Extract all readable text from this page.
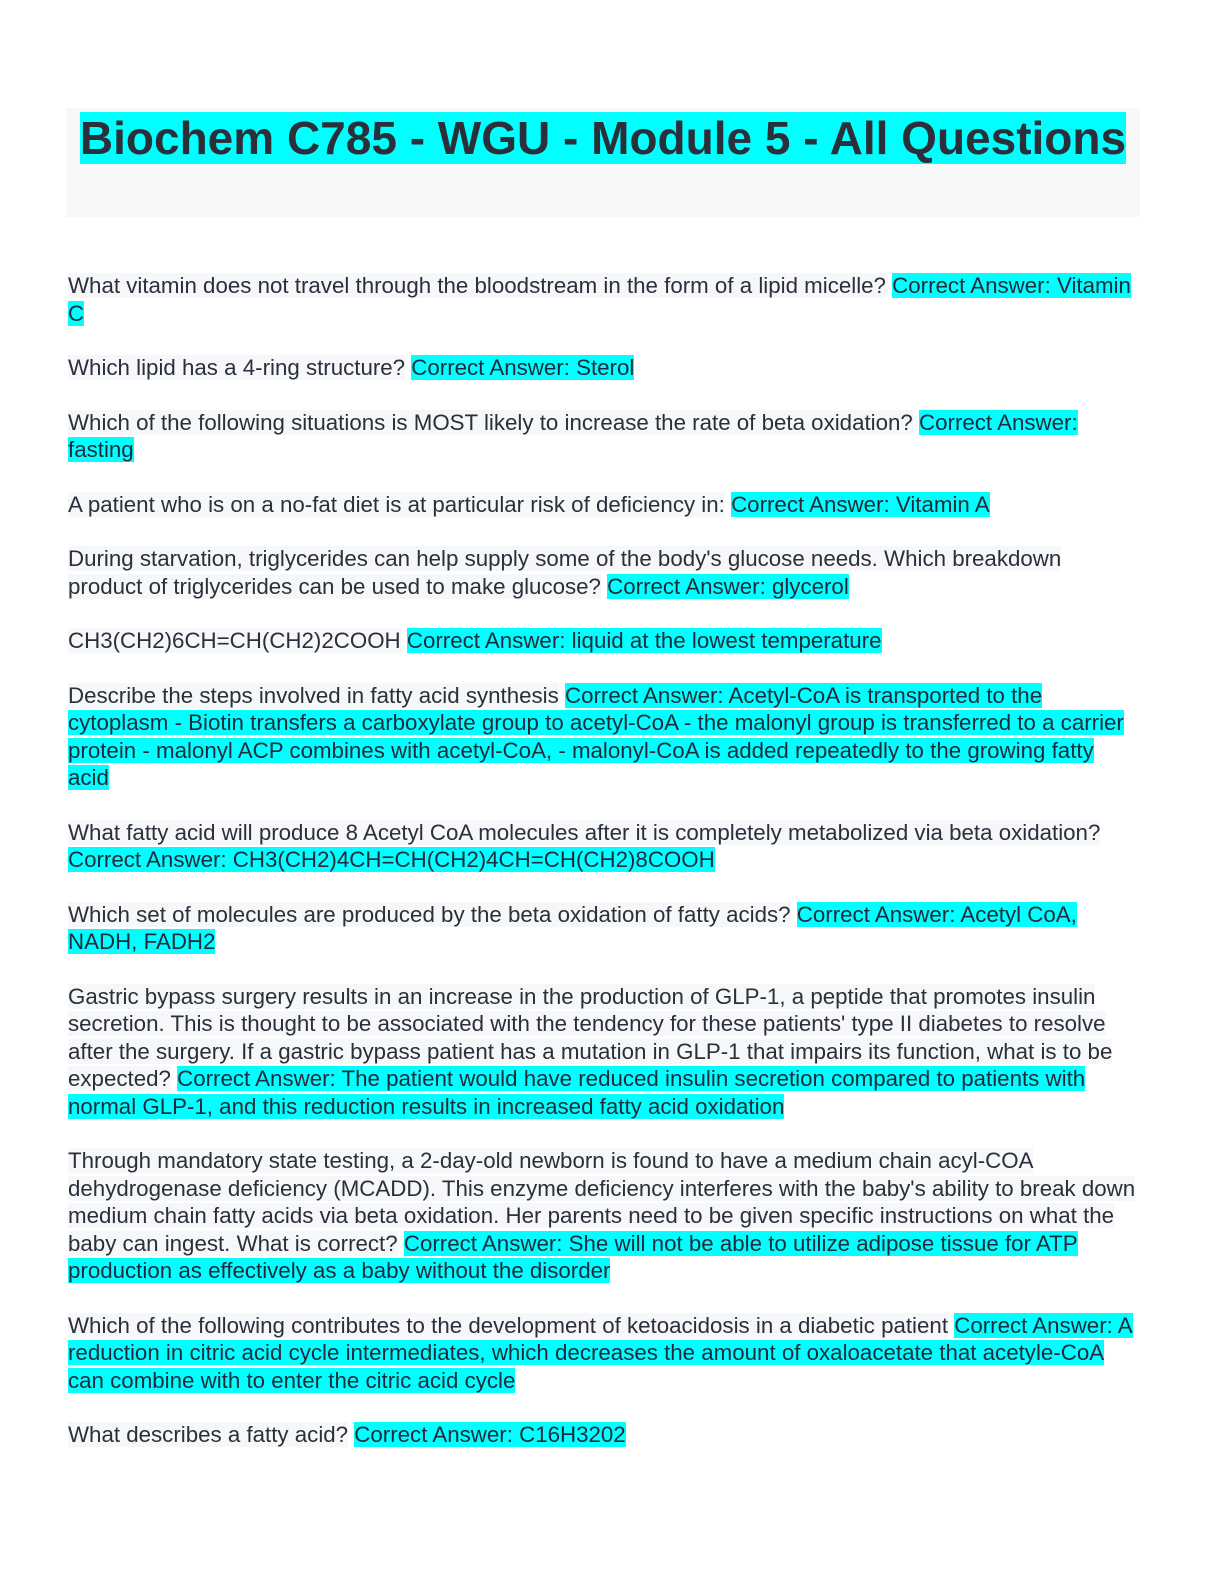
Biochem C785 - WGU - Module 5 - All Questions

What vitamin does not travel through the bloodstream in the form of a lipid micelle? Correct Answer: Vitamin C

Which lipid has a 4-ring structure? Correct Answer: Sterol

Which of the following situations is MOST likely to increase the rate of beta oxidation? Correct Answer: fasting

A patient who is on a no-fat diet is at particular risk of deficiency in: Correct Answer: Vitamin A

During starvation, triglycerides can help supply some of the body's glucose needs. Which breakdown product of triglycerides can be used to make glucose? Correct Answer: glycerol

CH3(CH2)6CH=CH(CH2)2COOH Correct Answer: liquid at the lowest temperature

Describe the steps involved in fatty acid synthesis Correct Answer: Acetyl-CoA is transported to the cytoplasm - Biotin transfers a carboxylate group to acetyl-CoA - the malonyl group is transferred to a carrier protein - malonyl ACP combines with acetyl-CoA, - malonyl-CoA is added repeatedly to the growing fatty acid

What fatty acid will produce 8 Acetyl CoA molecules after it is completely metabolized via beta oxidation? Correct Answer: CH3(CH2)4CH=CH(CH2)4CH=CH(CH2)8COOH

Which set of molecules are produced by the beta oxidation of fatty acids? Correct Answer: Acetyl CoA, NADH, FADH2

Gastric bypass surgery results in an increase in the production of GLP-1, a peptide that promotes insulin secretion. This is thought to be associated with the tendency for these patients' type II diabetes to resolve after the surgery. If a gastric bypass patient has a mutation in GLP-1 that impairs its function, what is to be expected? Correct Answer: The patient would have reduced insulin secretion compared to patients with normal GLP-1, and this reduction results in increased fatty acid oxidation

Through mandatory state testing, a 2-day-old newborn is found to have a medium chain acyl-COA dehydrogenase deficiency (MCADD). This enzyme deficiency interferes with the baby's ability to break down medium chain fatty acids via beta oxidation. Her parents need to be given specific instructions on what the baby can ingest. What is correct? Correct Answer: She will not be able to utilize adipose tissue for ATP production as effectively as a baby without the disorder

Which of the following contributes to the development of ketoacidosis in a diabetic patient Correct Answer: A reduction in citric acid cycle intermediates, which decreases the amount of oxaloacetate that acetyle-CoA can combine with to enter the citric acid cycle

What describes a fatty acid? Correct Answer: C16H3202
